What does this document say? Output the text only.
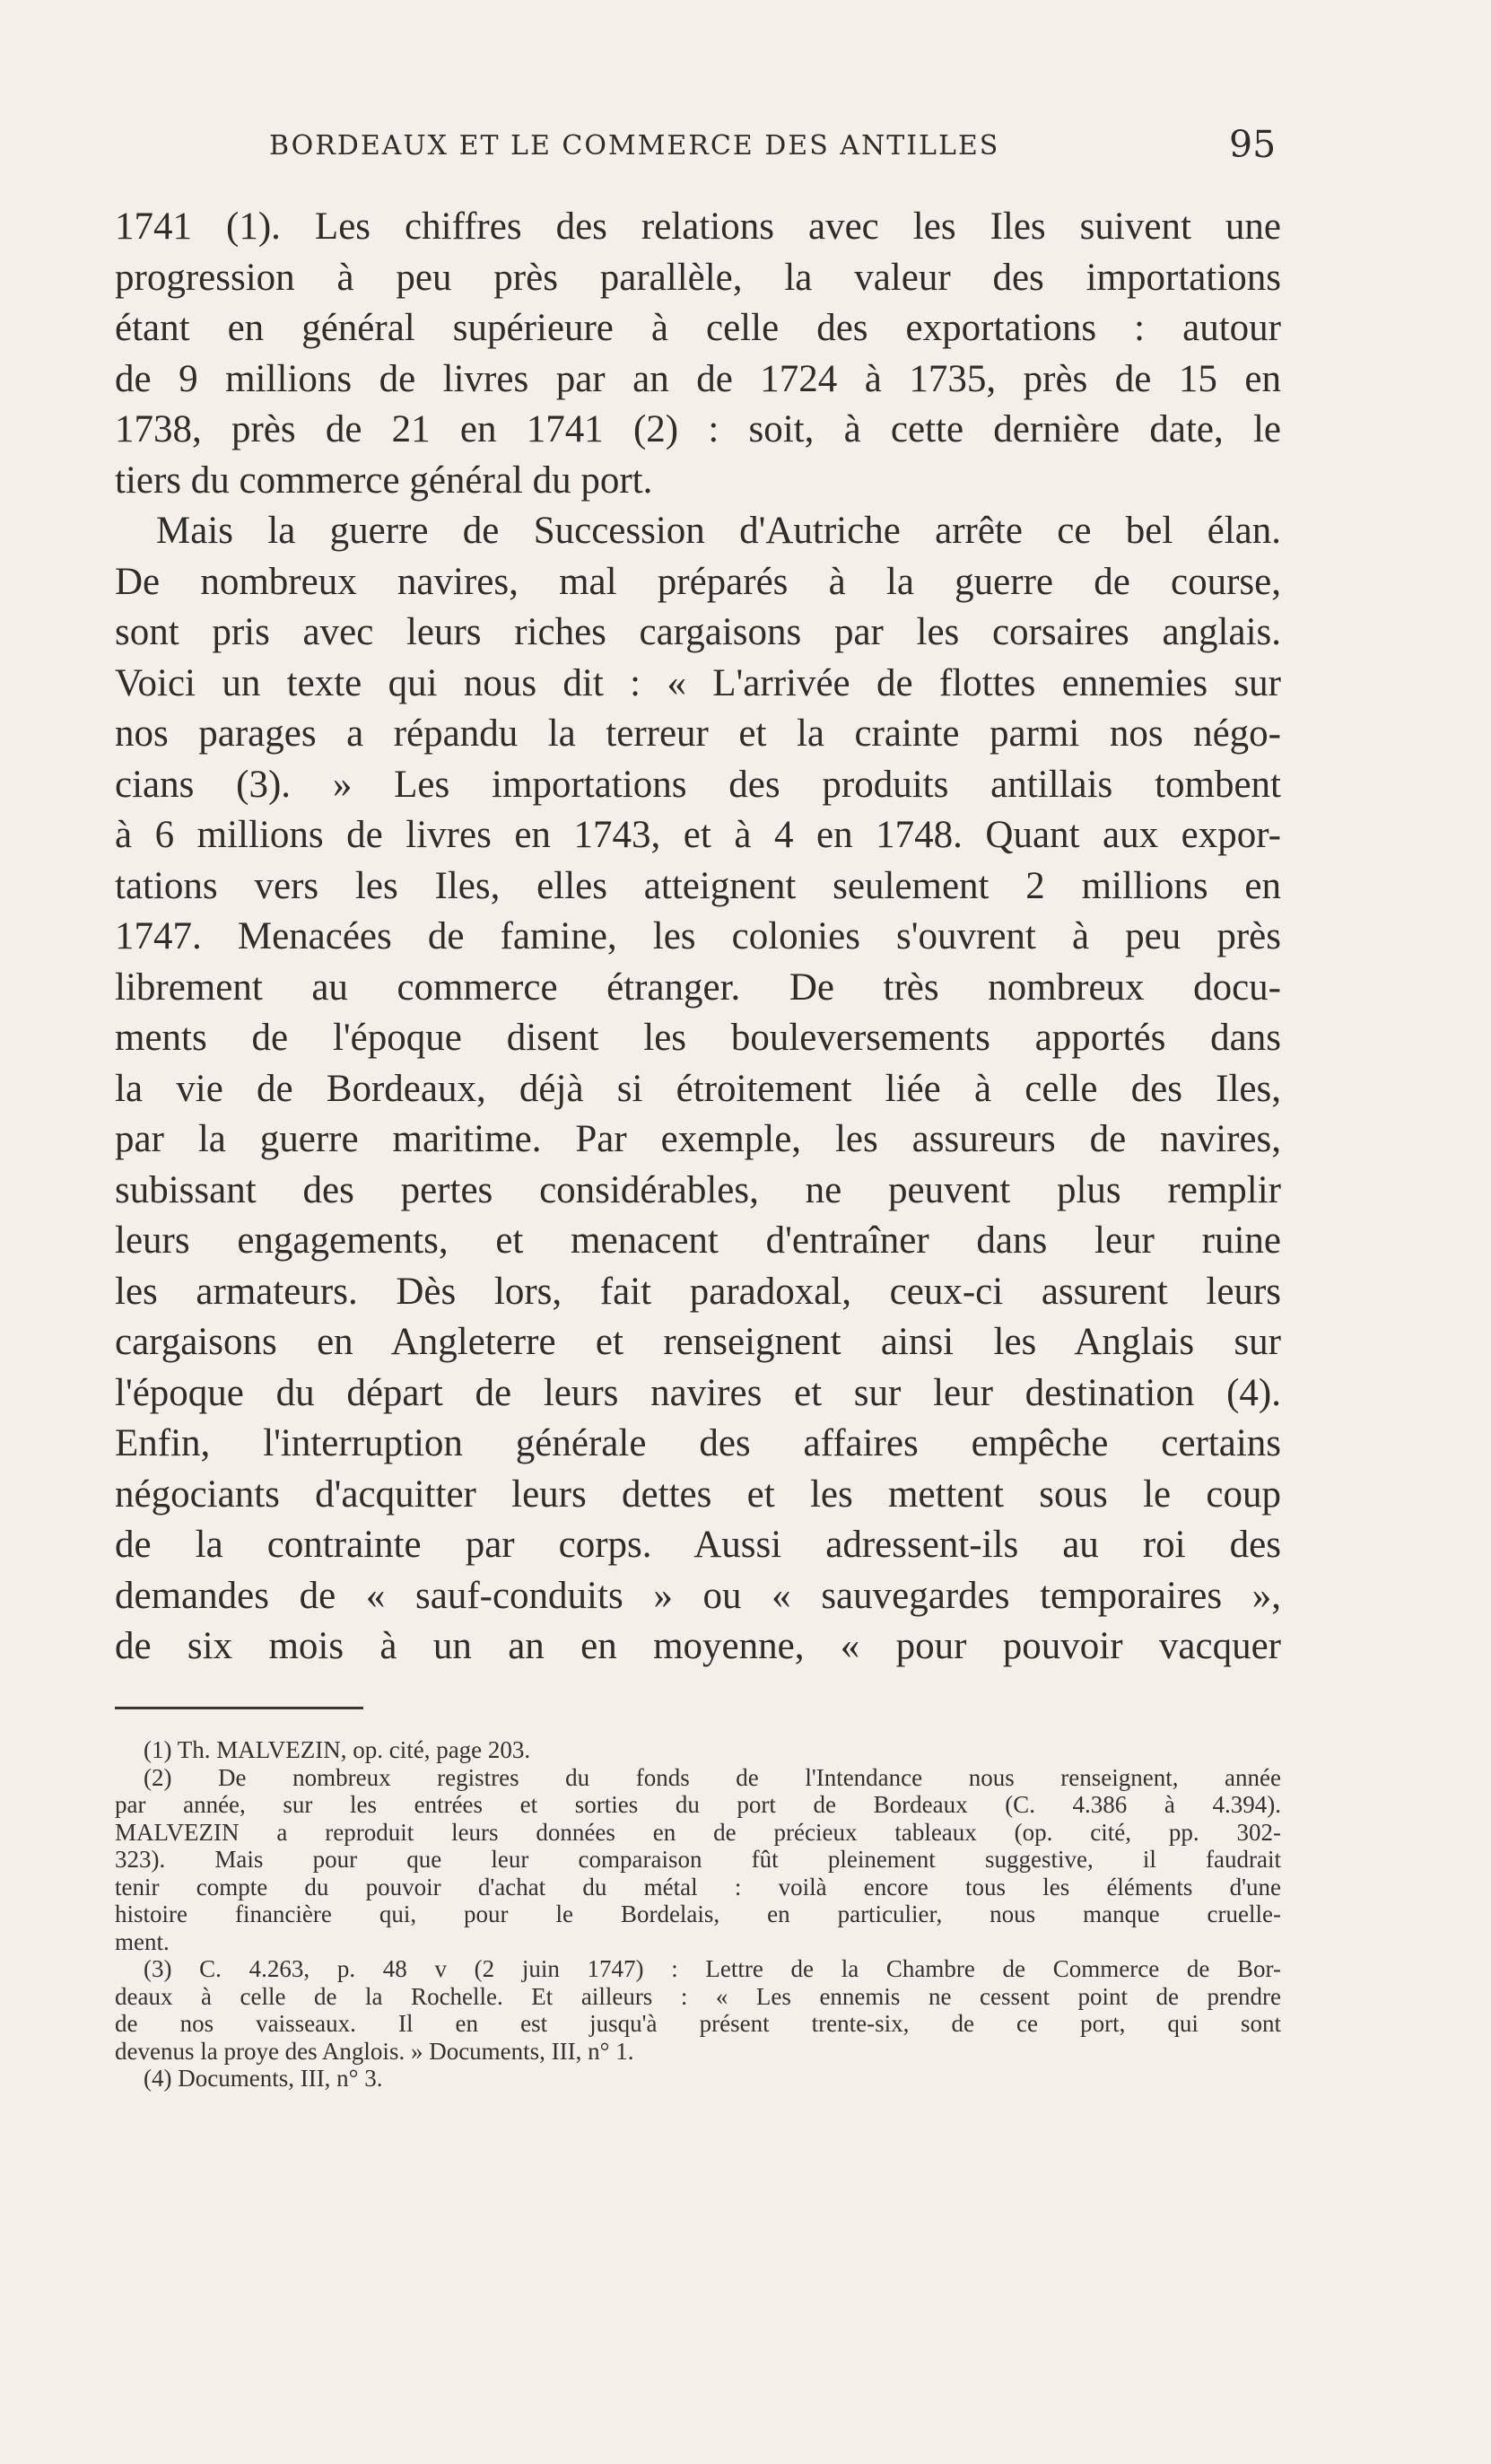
BORDEAUX ET LE COMMERCE DES ANTILLES	95
1741 (1). Les chiffres des relations avec les Iles suivent une
progression à peu près parallèle, la valeur des importations
étant en général supérieure à celle des exportations : autour
de 9 millions de livres par an de 1724 à 1735, près de 15 en
1738, près de 21 en 1741 (2) : soit, à cette dernière date, le
tiers du commerce général du port.
Mais la guerre de Succession d'Autriche arrête ce bel élan.
De nombreux navires, mal préparés à la guerre de course,
sont pris avec leurs riches cargaisons par les corsaires anglais.
Voici un texte qui nous dit : « L'arrivée de flottes ennemies sur
nos parages a répandu la terreur et la crainte parmi nos négo-
cians (3). » Les importations des produits antillais tombent
à 6 millions de livres en 1743, et à 4 en 1748. Quant aux expor-
tations vers les Iles, elles atteignent seulement 2 millions en
1747. Menacées de famine, les colonies s'ouvrent à peu près
librement au commerce étranger. De très nombreux docu-
ments de l'époque disent les bouleversements apportés dans
la vie de Bordeaux, déjà si étroitement liée à celle des Iles,
par la guerre maritime. Par exemple, les assureurs de navires,
subissant des pertes considérables, ne peuvent plus remplir
leurs engagements, et menacent d'entraîner dans leur ruine
les armateurs. Dès lors, fait paradoxal, ceux-ci assurent leurs
cargaisons en Angleterre et renseignent ainsi les Anglais sur
l'époque du départ de leurs navires et sur leur destination (4).
Enfin, l'interruption générale des affaires empêche certains
négociants d'acquitter leurs dettes et les mettent sous le coup
de la contrainte par corps. Aussi adressent-ils au roi des
demandes de « sauf-conduits » ou « sauvegardes temporaires »,
de six mois à un an en moyenne, « pour pouvoir vacquer
(1) Th. MALVEZIN, op. cité, page 203.
(2) De nombreux registres du fonds de l'Intendance nous renseignent, année
par année, sur les entrées et sorties du port de Bordeaux (C. 4.386 à 4.394).
MALVEZIN a reproduit leurs données en de précieux tableaux (op. cité, pp. 302-
323). Mais pour que leur comparaison fût pleinement suggestive, il faudrait
tenir compte du pouvoir d'achat du métal : voilà encore tous les éléments d'une
histoire financière qui, pour le Bordelais, en particulier, nous manque cruelle-
ment.
(3) C. 4.263, p. 48 v (2 juin 1747) : Lettre de la Chambre de Commerce de Bor-
deaux à celle de la Rochelle. Et ailleurs : « Les ennemis ne cessent point de prendre
de nos vaisseaux. Il en est jusqu'à présent trente-six, de ce port, qui sont
devenus la proye des Anglois. » Documents, III, n° 1.
(4) Documents, III, n° 3.
